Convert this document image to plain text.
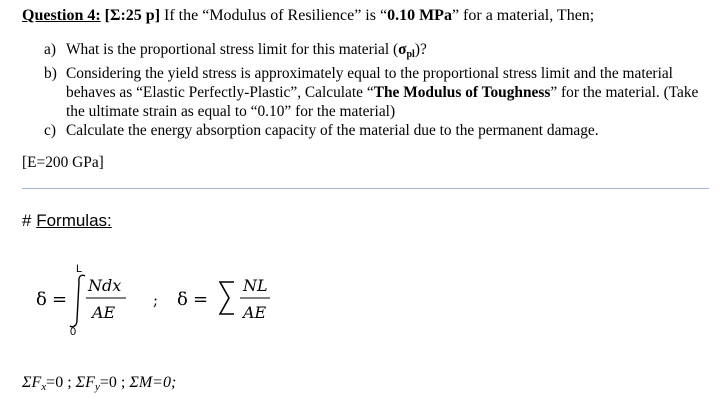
Question 4: [Σ:25 p] If the “Modulus of Resilience” is “0.10 MPa” for a material, Then;
a) What is the proportional stress limit for this material $(\sigma_{pl})$?
b) Considering the yield stress is approximately equal to the proportional stress limit and the material behaves as “Elastic Perfectly-Plastic”, Calculate “The Modulus of Toughness” for the material. (Take the ultimate strain as equal to “0.10” for the material)
c) Calculate the energy absorption capacity of the material due to the permanent damage.
[E=200 GPa]
# Formulas:
δ =
L
0
Ndx
AE
; δ =
NL
AE
ΣFx=0 ; ΣFy=0 ; ΣM=0;
